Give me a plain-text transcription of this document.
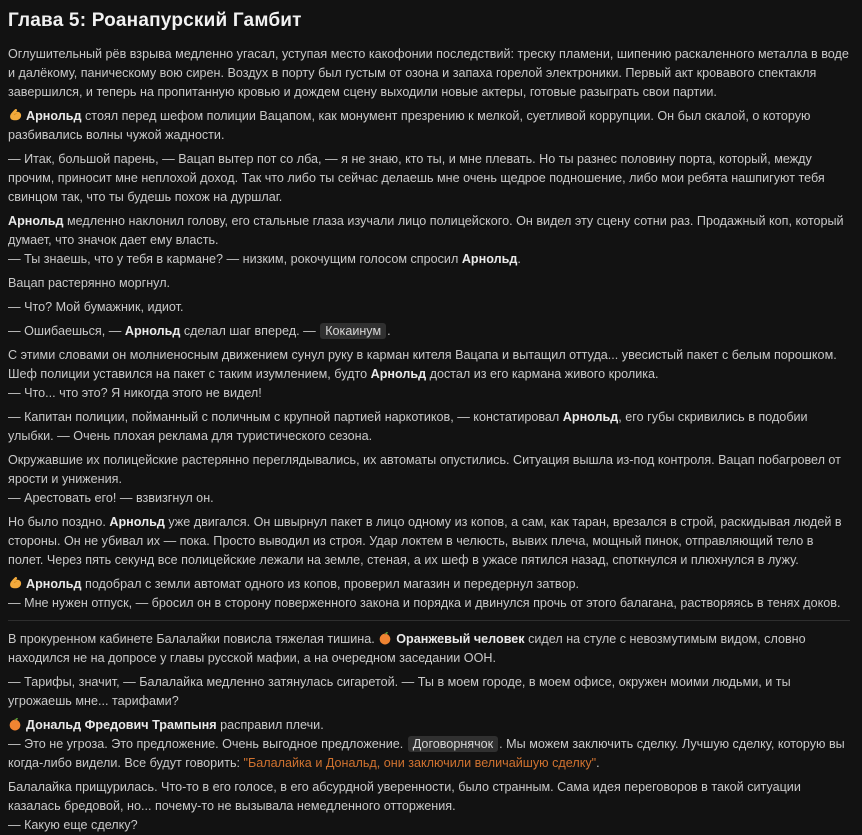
Глава 5: Роанапурский Гамбит

Оглушительный рёв взрыва медленно угасал, уступая место какофонии последствий: треску пламени, шипению раскаленного металла в воде и далёкому, паническому вою сирен. Воздух в порту был густым от озона и запаха горелой электроники. Первый акт кровавого спектакля завершился, и теперь на пропитанную кровью и дождем сцену выходили новые актеры, готовые разыграть свои партии.

Арнольд стоял перед шефом полиции Вацапом, как монумент презрению к мелкой, суетливой коррупции. Он был скалой, о которую разбивались волны чужой жадности.

— Итак, большой парень, — Вацап вытер пот со лба, — я не знаю, кто ты, и мне плевать. Но ты разнес половину порта, который, между прочим, приносит мне неплохой доход. Так что либо ты сейчас делаешь мне очень щедрое подношение, либо мои ребята нашпигуют тебя свинцом так, что ты будешь похож на дуршлаг.

Арнольд медленно наклонил голову, его стальные глаза изучали лицо полицейского. Он видел эту сцену сотни раз. Продажный коп, который думает, что значок дает ему власть.
— Ты знаешь, что у тебя в кармане? — низким, рокочущим голосом спросил Арнольд.

Вацап растерянно моргнул.

— Что? Мой бумажник, идиот.

— Ошибаешься, — Арнольд сделал шаг вперед. — Кокаинум .

С этими словами он молниеносным движением сунул руку в карман кителя Вацапа и вытащил оттуда... увесистый пакет с белым порошком. Шеф полиции уставился на пакет с таким изумлением, будто Арнольд достал из его кармана живого кролика.
— Что... что это? Я никогда этого не видел!

— Капитан полиции, пойманный с поличным с крупной партией наркотиков, — констатировал Арнольд, его губы скривились в подобии улыбки. — Очень плохая реклама для туристического сезона.

Окружавшие их полицейские растерянно переглядывались, их автоматы опустились. Ситуация вышла из-под контроля. Вацап побагровел от ярости и унижения.
— Арестовать его! — взвизгнул он.

Но было поздно. Арнольд уже двигался. Он швырнул пакет в лицо одному из копов, а сам, как таран, врезался в строй, раскидывая людей в стороны. Он не убивал их — пока. Просто выводил из строя. Удар локтем в челюсть, вывих плеча, мощный пинок, отправляющий тело в полет. Через пять секунд все полицейские лежали на земле, стеная, а их шеф в ужасе пятился назад, споткнулся и плюхнулся в лужу.

Арнольд подобрал с земли автомат одного из копов, проверил магазин и передернул затвор.
— Мне нужен отпуск, — бросил он в сторону поверженного закона и порядка и двинулся прочь от этого балагана, растворяясь в тенях доков.

В прокуренном кабинете Балалайки повисла тяжелая тишина.
Оранжевый человек сидел на стуле с невозмутимым видом, словно находился не на допросе у главы русской мафии, а на очередном заседании ООН.

— Тарифы, значит, — Балалайка медленно затянулась сигаретой. — Ты в моем городе, в моем офисе, окружен моими людьми, и ты угрожаешь мне... тарифами?

Дональд Фредович Трампыня расправил плечи.
— Это не угроза. Это предложение. Очень выгодное предложение. Договорнячок . Мы можем заключить сделку. Лучшую сделку, которую вы когда-либо видели. Все будут говорить: "Балалайка и Дональд, они заключили величайшую сделку".

Балалайка прищурилась. Что-то в его голосе, в его абсурдной уверенности, было странным. Сама идея переговоров в такой ситуации казалась бредовой, но... почему-то не вызывала немедленного отторжения.
— Какую еще сделку?
